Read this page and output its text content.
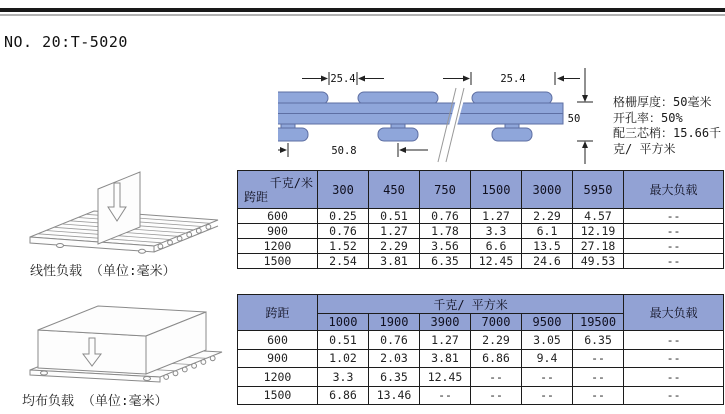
NO. 20:T-5020
25.4	25.4
50.8
50
格栅厚度：50毫米
开孔率：50%
配三芯梢：15.66千克/ 平方米
线性负载 （单位:毫米）
均布负载 （单位:毫米）
千克/米
跨距	300	450	750	1500	3000	5950	最大负载
600	0.25	0.51	0.76	1.27	2.29	4.57	--
900	0.76	1.27	1.78	3.3	6.1	12.19	--
1200	1.52	2.29	3.56	6.6	13.5	27.18	--
1500	2.54	3.81	6.35	12.45	24.6	49.53	--
跨距	千克/ 平方米						最大负载
	1000	1900	3900	7000	9500	19500	
600	0.51	0.76	1.27	2.29	3.05	6.35	--
900	1.02	2.03	3.81	6.86	9.4	--	--
1200	3.3	6.35	12.45	--	--	--	--
1500	6.86	13.46	--	--	--	--	--
